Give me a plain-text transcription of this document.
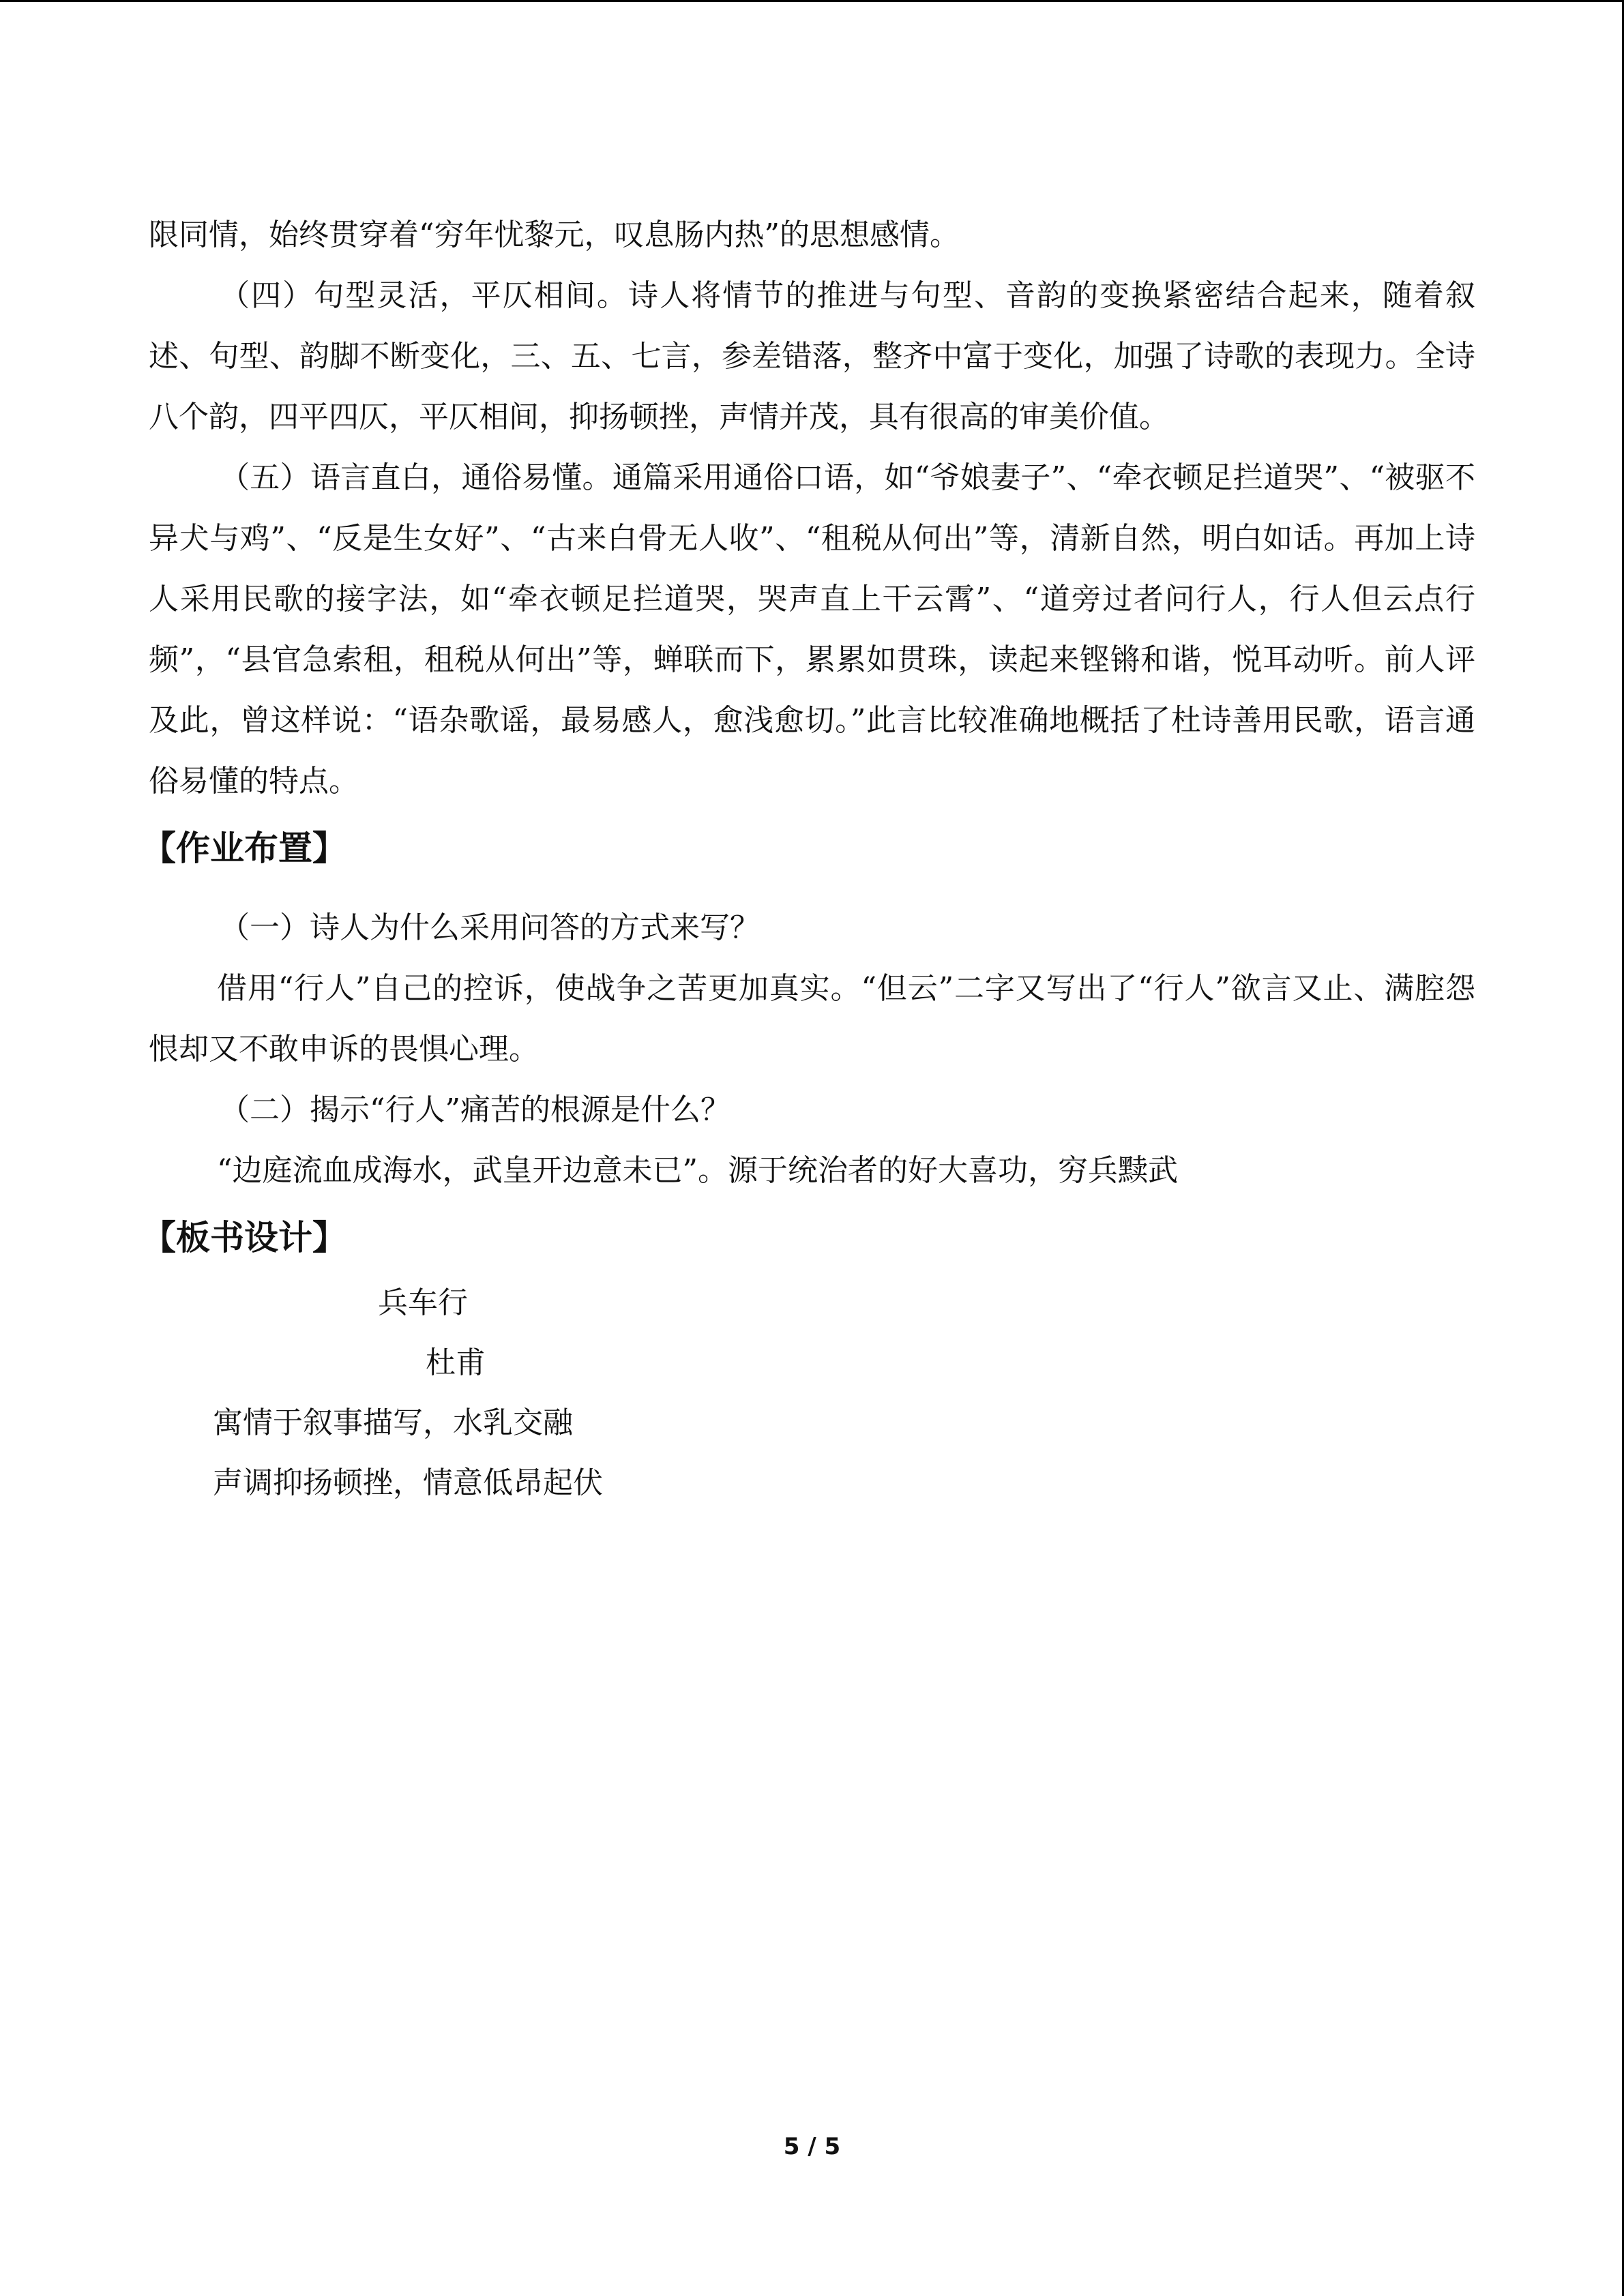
限同情，始终贯穿着“穷年忧黎元，叹息肠内热”的思想感情。

（四）句型灵活，平仄相间。诗人将情节的推进与句型、音韵的变换紧密结合起来，随着叙述、句型、韵脚不断变化，三、五、七言，参差错落，整齐中富于变化，加强了诗歌的表现力。全诗八个韵，四平四仄，平仄相间，抑扬顿挫，声情并茂，具有很高的审美价值。

（五）语言直白，通俗易懂。通篇采用通俗口语，如“爷娘妻子”、“牵衣顿足拦道哭”、“被驱不异犬与鸡”、“反是生女好”、“古来白骨无人收”、“租税从何出”等，清新自然，明白如话。再加上诗人采用民歌的接字法，如“牵衣顿足拦道哭，哭声直上干云霄”、“道旁过者问行人，行人但云点行频”，“县官急索租，租税从何出”等，蝉联而下，累累如贯珠，读起来铿锵和谐，悦耳动听。前人评及此，曾这样说：“语杂歌谣，最易感人，愈浅愈切。”此言比较准确地概括了杜诗善用民歌，语言通俗易懂的特点。

【作业布置】

（一）诗人为什么采用问答的方式来写？

借用“行人”自己的控诉，使战争之苦更加真实。“但云”二字又写出了“行人”欲言又止、满腔怨恨却又不敢申诉的畏惧心理。

（二）揭示“行人”痛苦的根源是什么？

“边庭流血成海水，武皇开边意未已”。源于统治者的好大喜功，穷兵黩武

【板书设计】
兵车行
杜甫
寓情于叙事描写，水乳交融
声调抑扬顿挫，情意低昂起伏
5 / 5
